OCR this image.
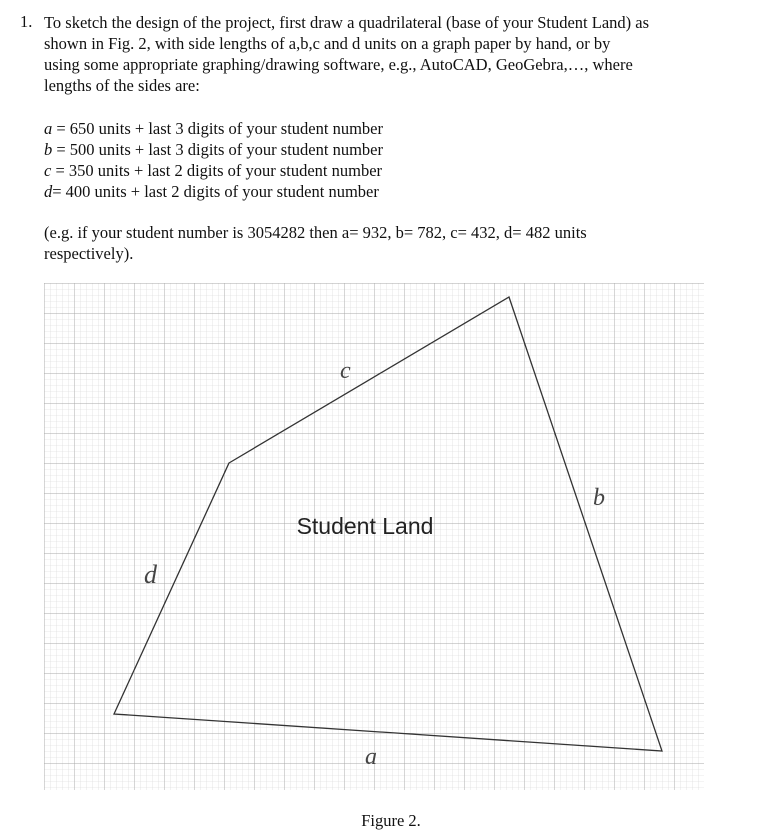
1. To sketch the design of the project, first draw a quadrilateral (base of your Student Land) as
shown in Fig. 2, with side lengths of a,b,c and d units on a graph paper by hand, or by
using some appropriate graphing/drawing software, e.g., AutoCAD, GeoGebra,…, where
lengths of the sides are:
a = 650 units + last 3 digits of your student number
b = 500 units + last 3 digits of your student number
c = 350 units + last 2 digits of your student number
d= 400 units + last 2 digits of your student number
(e.g. if your student number is 3054282 then a= 932, b= 782, c= 432, d= 482 units
respectively).
c
b
d
a
Student Land
Figure 2.
